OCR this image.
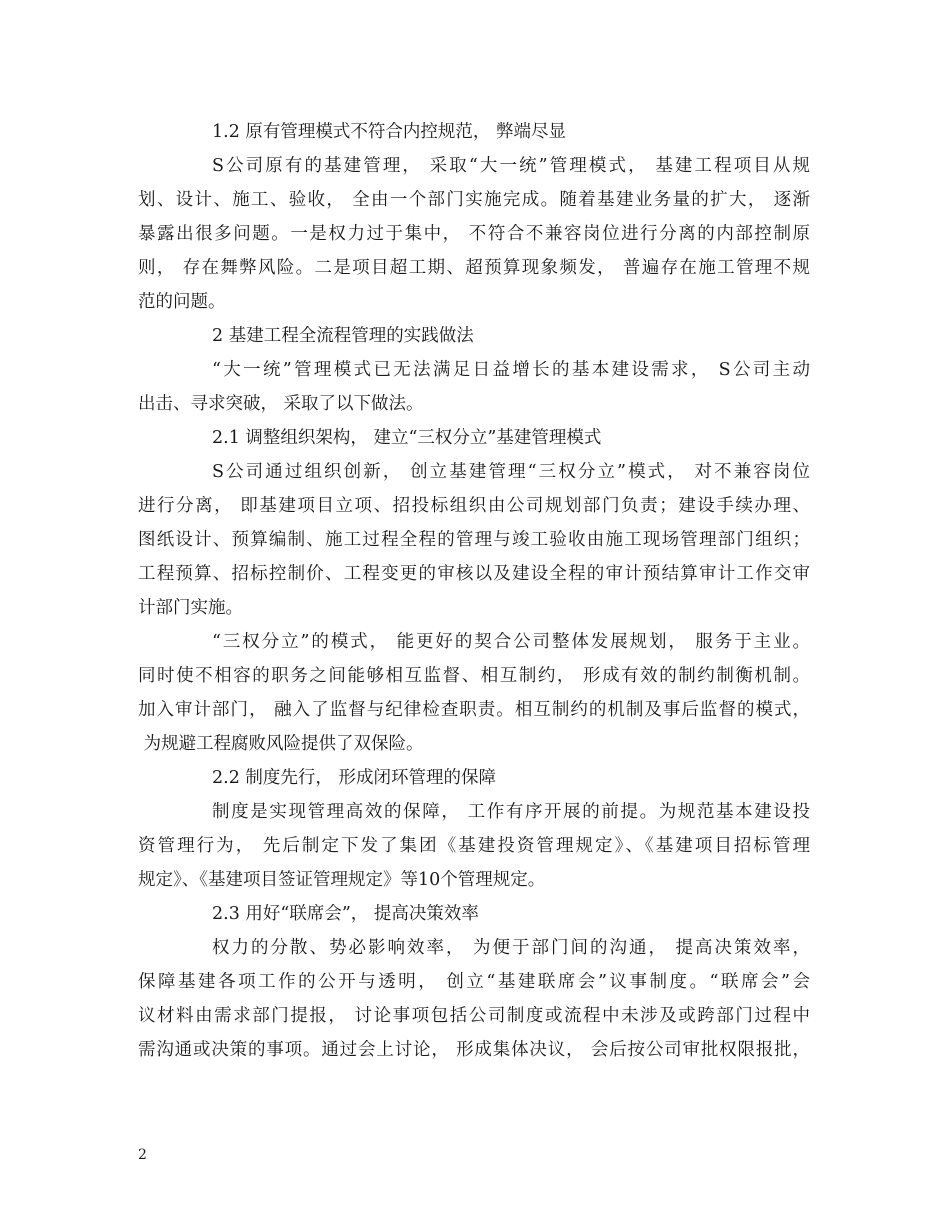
1.2 原有管理模式不符合内控规范， 弊端尽显
S公司原有的基建管理， 采取“大一统”管理模式， 基建工程项目从规
划、设计、施工、验收， 全由一个部门实施完成。随着基建业务量的扩大， 逐渐
暴露出很多问题。一是权力过于集中， 不符合不兼容岗位进行分离的内部控制原
则， 存在舞弊风险。二是项目超工期、超预算现象频发， 普遍存在施工管理不规
范的问题。
2 基建工程全流程管理的实践做法
“大一统”管理模式已无法满足日益增长的基本建设需求， S公司主动
出击、寻求突破， 采取了以下做法。
2.1 调整组织架构， 建立“三权分立”基建管理模式
S公司通过组织创新， 创立基建管理“三权分立”模式， 对不兼容岗位
进行分离， 即基建项目立项、招投标组织由公司规划部门负责；建设手续办理、
图纸设计、预算编制、施工过程全程的管理与竣工验收由施工现场管理部门组织；
工程预算、招标控制价、工程变更的审核以及建设全程的审计预结算审计工作交审
计部门实施。
“三权分立”的模式， 能更好的契合公司整体发展规划， 服务于主业。
同时使不相容的职务之间能够相互监督、相互制约， 形成有效的制约制衡机制。
加入审计部门， 融入了监督与纪律检查职责。相互制约的机制及事后监督的模式，
为规避工程腐败风险提供了双保险。
2.2 制度先行， 形成闭环管理的保障
制度是实现管理高效的保障， 工作有序开展的前提。为规范基本建设投
资管理行为， 先后制定下发了集团《基建投资管理规定》、《基建项目招标管理
规定》、《基建项目签证管理规定》等10个管理规定。
2.3 用好“联席会”， 提高决策效率
权力的分散、势必影响效率， 为便于部门间的沟通， 提高决策效率，
保障基建各项工作的公开与透明， 创立“基建联席会”议事制度。“联席会”会
议材料由需求部门提报， 讨论事项包括公司制度或流程中未涉及或跨部门过程中
需沟通或决策的事项。通过会上讨论， 形成集体决议， 会后按公司审批权限报批，
2
